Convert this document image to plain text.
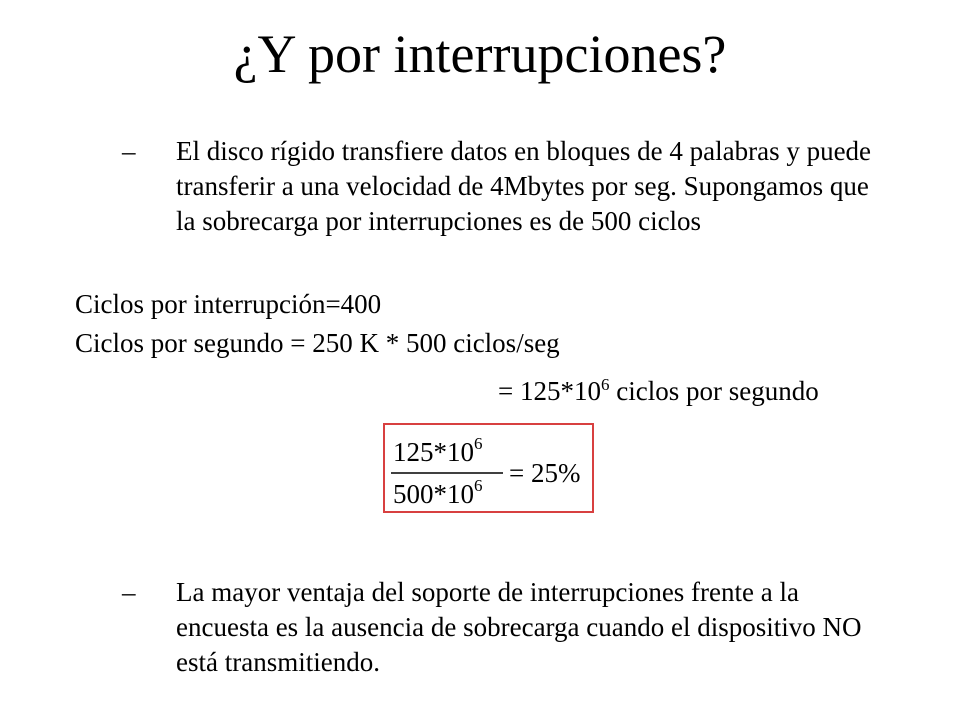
¿Y por interrupciones?
– El disco rígido transfiere datos en bloques de 4 palabras y puede transferir a una velocidad de 4Mbytes por seg. Supongamos que la sobrecarga por interrupciones es de 500 ciclos
Ciclos por interrupción=400
Ciclos por segundo = 250 K * 500 ciclos/seg
= $125*10^6$ ciclos por segundo
$125*10^6$
$500*10^6 = 25\%$
– La mayor ventaja del soporte de interrupciones frente a la encuesta es la ausencia de sobrecarga cuando el dispositivo NO está transmitiendo.
